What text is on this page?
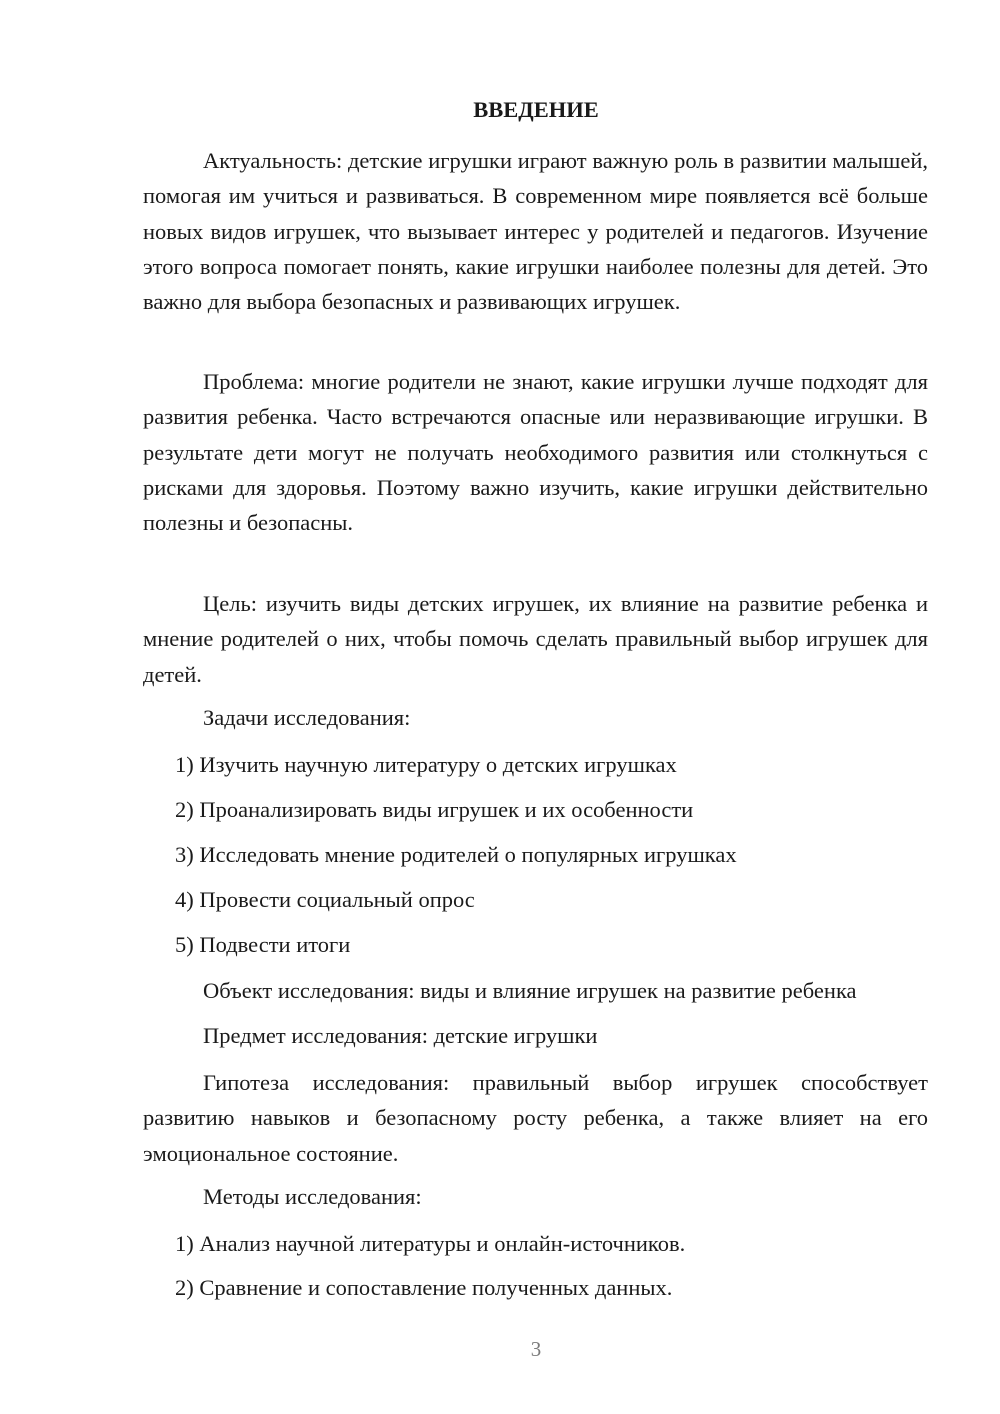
ВВЕДЕНИЕ

Актуальность: детские игрушки играют важную роль в развитии малышей, помогая им учиться и развиваться. В современном мире появляется всё больше новых видов игрушек, что вызывает интерес у родителей и педагогов. Изучение этого вопроса помогает понять, какие игрушки наиболее полезны для детей. Это важно для выбора безопасных и развивающих игрушек.

Проблема: многие родители не знают, какие игрушки лучше подходят для развития ребенка. Часто встречаются опасные или неразвивающие игрушки. В результате дети могут не получать необходимого развития или столкнуться с рисками для здоровья. Поэтому важно изучить, какие игрушки действительно полезны и безопасны.

Цель: изучить виды детских игрушек, их влияние на развитие ребенка и мнение родителей о них, чтобы помочь сделать правильный выбор игрушек для детей.

Задачи исследования:

1) Изучить научную литературу о детских игрушках

2) Проанализировать виды игрушек и их особенности

3) Исследовать мнение родителей о популярных игрушках

4) Провести социальный опрос

5) Подвести итоги

Объект исследования: виды и влияние игрушек на развитие ребенка

Предмет исследования: детские игрушки

Гипотеза исследования: правильный выбор игрушек способствует развитию навыков и безопасному росту ребенка, а также влияет на его эмоциональное состояние.

Методы исследования:

1) Анализ научной литературы и онлайн-источников.

2) Сравнение и сопоставление полученных данных.

3
